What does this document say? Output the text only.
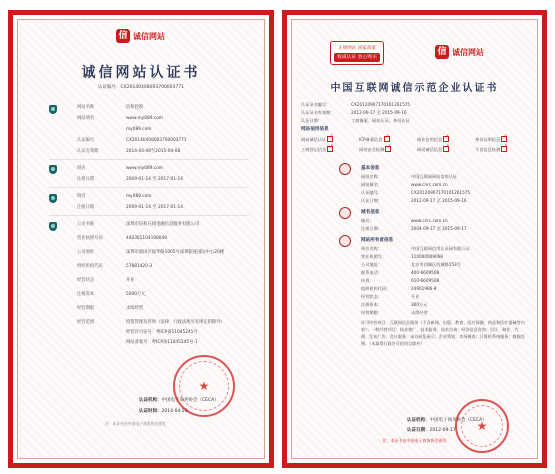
信 诚信网站
诚信网站认证书
认证编号：CX20140408003700003771
网站名称	信和控股
网站域名	www.my089.com
my089.com
认证编号	CX20140408003700003771
认证有效期	2014-04-08至2015-04-08
域名	www.my089.com
注册日期	2009-01-14 至 2017-01-14
域名	my089.com
注册日期	2009-01-14 至 2017-01-14
公司名称	深圳市信和在线金融信息服务有限公司
营业执照号码	440301104108049
公司地址	深圳市福田区福华路1005号深圳银座国际中心20楼
组织机构代码	57881420-3
经营状态	开业
注册资本	5000万元
经营期限	永续经营
经营范围	投资管理及咨询（法律、行政法规另有规定的除外）
经营许可证号：粤ICP备11045245号
网站备案号：粤ICP备11045245号-1
★
认证机构：中国电子商务协会（CECA）
认证时间：2014-04-23
注：本证书由中国电子商务协会颁发
正规网站 国家备案
权威认证 放心购买
信 诚信网站
中国互联网诚信示范企业认证书
认证证书编号：	CX20120907170101261575
认证证书有效期：	2012-09-17 至 2015-09-16
认证日期：	工商备案、网站认证、身份认证
网站信用信息
网站诚信认证 ✓	ICP备案信息 ✓	商业信用信息 ✓	身份证明信息 ✓
工商登记信息 ✓	网站安全检测 ✓	网站诚信信息 ✓	不良信息检测 ✓
基本信息
网站名称：	中国互联网网站信用认证
网站域名：	www.cnrc.com.cn
认证编号：	CX20120907170101261575
认证日期：	2012-09-17 至 2015-09-16
域名信息
域名：	www.cnrc.com.cn
注册日期：	2004-09-17 至 2015-09-17
网站所有者信息
单位名称：	中国互联网信用认证网有限公司
营业执照号：	110000009068
公司地址：	北京市西城区西城路153号
联系电话：	400-6609508
传真：	010-6609508
组织机构代码：	24901986-8
经营状态：	开业
注册资本：	300万元
经营期限：	永续经营
许可经营项目：互联网信息服务（不含新闻、出版、教育、医疗保健、药品和医疗器械等内容）；一般经营项目：技术推广、技术服务、技术咨询；经济信息咨询；设计、制作、代理、发布广告；会议服务；承办展览展示；企业策划；市场调查；计算机系统服务；数据处理。（未取得行政许可的项目除外）
★
认证机构：中国电子商务协会（CECA）
认证日期：2012-09-17
注：本证书由中国电子商务协会颁发
